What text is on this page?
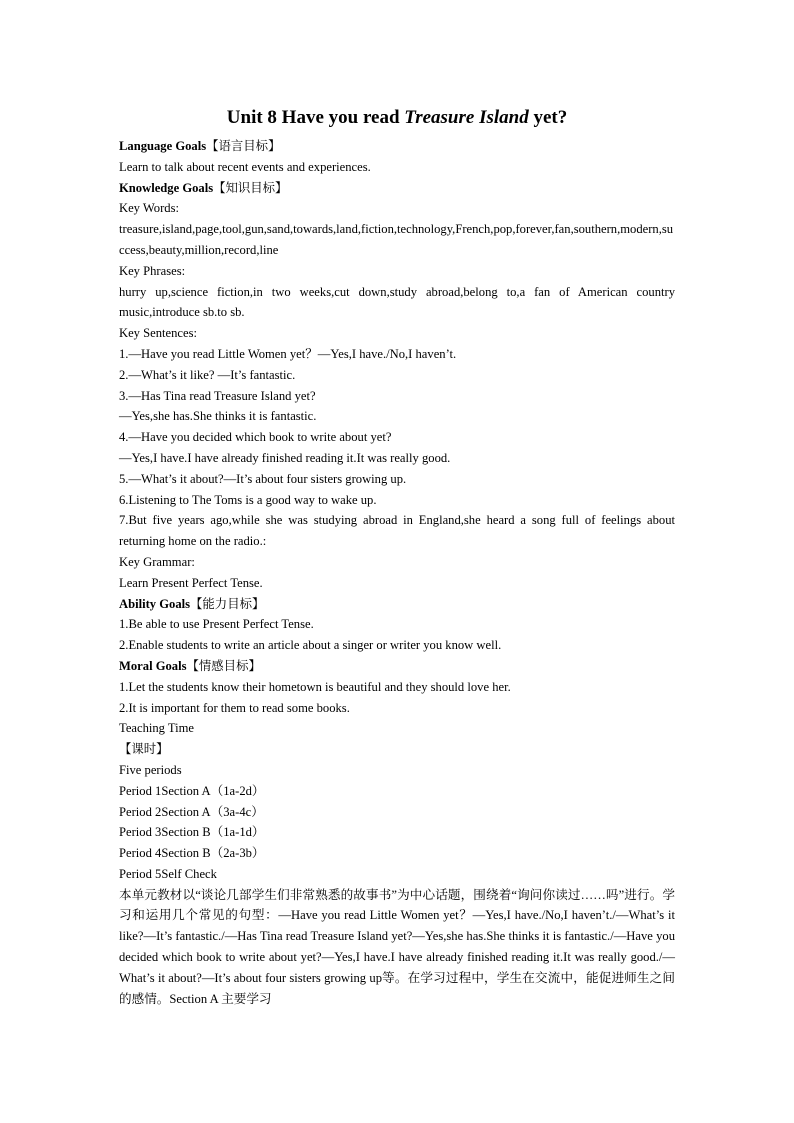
Unit 8 Have you read Treasure Island yet?

Language Goals【语言目标】

Learn to talk about recent events and experiences.

Knowledge Goals【知识目标】

Key Words:

treasure,island,page,tool,gun,sand,towards,land,fiction,technology,French,pop,forever,fan,southern,modern,success,beauty,million,record,line

Key Phrases:

hurry up,science fiction,in two weeks,cut down,study abroad,belong to,a fan of American country music,introduce sb.to sb.

Key Sentences:

1.—Have you read Little Women yet？—Yes,I have./No,I haven’t.

2.—What’s it like? —It’s fantastic.

3.—Has Tina read Treasure Island yet?

—Yes,she has.She thinks it is fantastic.

4.—Have you decided which book to write about yet?

—Yes,I have.I have already finished reading it.It was really good.

5.—What’s it about?—It’s about four sisters growing up.

6.Listening to The Toms is a good way to wake up.

7.But five years ago,while she was studying abroad in England,she heard a song full of feelings about returning home on the radio.:

Key Grammar:

Learn Present Perfect Tense.

Ability Goals【能力目标】

1.Be able to use Present Perfect Tense.

2.Enable students to write an article about a singer or writer you know well.

Moral Goals【情感目标】

1.Let the students know their hometown is beautiful and they should love her.

2.It is important for them to read some books.

Teaching Time

【课时】

Five periods

Period 1Section A（1a-2d）

Period 2Section A（3a-4c）

Period 3Section B（1a-1d）

Period 4Section B（2a-3b）

Period 5Self Check

本单元教材以“谈论几部学生们非常熟悉的故事书”为中心话题，围绕着“询问你读过……吗”进行。学习和运用几个常见的句型：—Have you read Little Women yet？—Yes,I have./No,I haven’t./—What’s it like?—It’s fantastic./—Has Tina read Treasure Island yet?—Yes,she has.She thinks it is fantastic./—Have you decided which book to write about yet?—Yes,I have.I have already finished reading it.It was really good./—What’s it about?—It’s about four sisters growing up等。在学习过程中，学生在交流中，能促进师生之间的感情。Section A 主要学习
